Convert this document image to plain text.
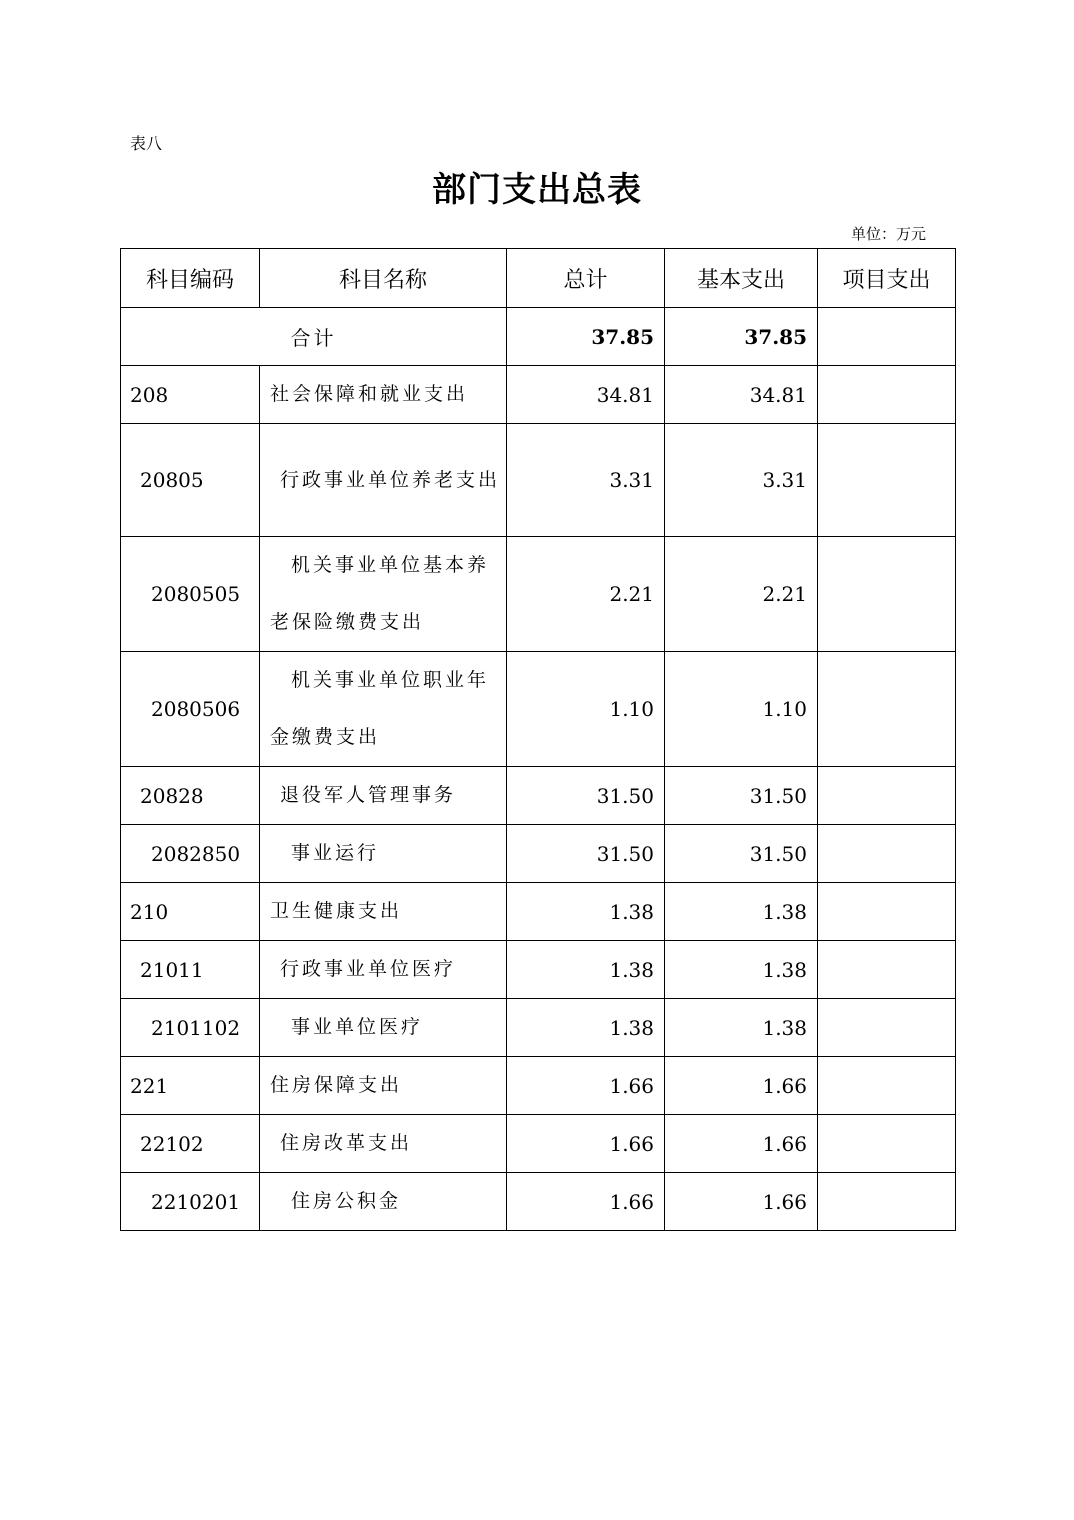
表八
部门支出总表
单位：万元
科目编码	科目名称	总计	基本支出	项目支出
合计		37.85	37.85	
208	社会保障和就业支出	34.81	34.81	
20805	行政事业单位养老支出	3.31	3.31	
2080505	机关事业单位基本养老保险缴费支出	2.21	2.21	
2080506	机关事业单位职业年金缴费支出	1.10	1.10	
20828	退役军人管理事务	31.50	31.50	
2082850	事业运行	31.50	31.50	
210	卫生健康支出	1.38	1.38	
21011	行政事业单位医疗	1.38	1.38	
2101102	事业单位医疗	1.38	1.38	
221	住房保障支出	1.66	1.66	
22102	住房改革支出	1.66	1.66	
2210201	住房公积金	1.66	1.66	
